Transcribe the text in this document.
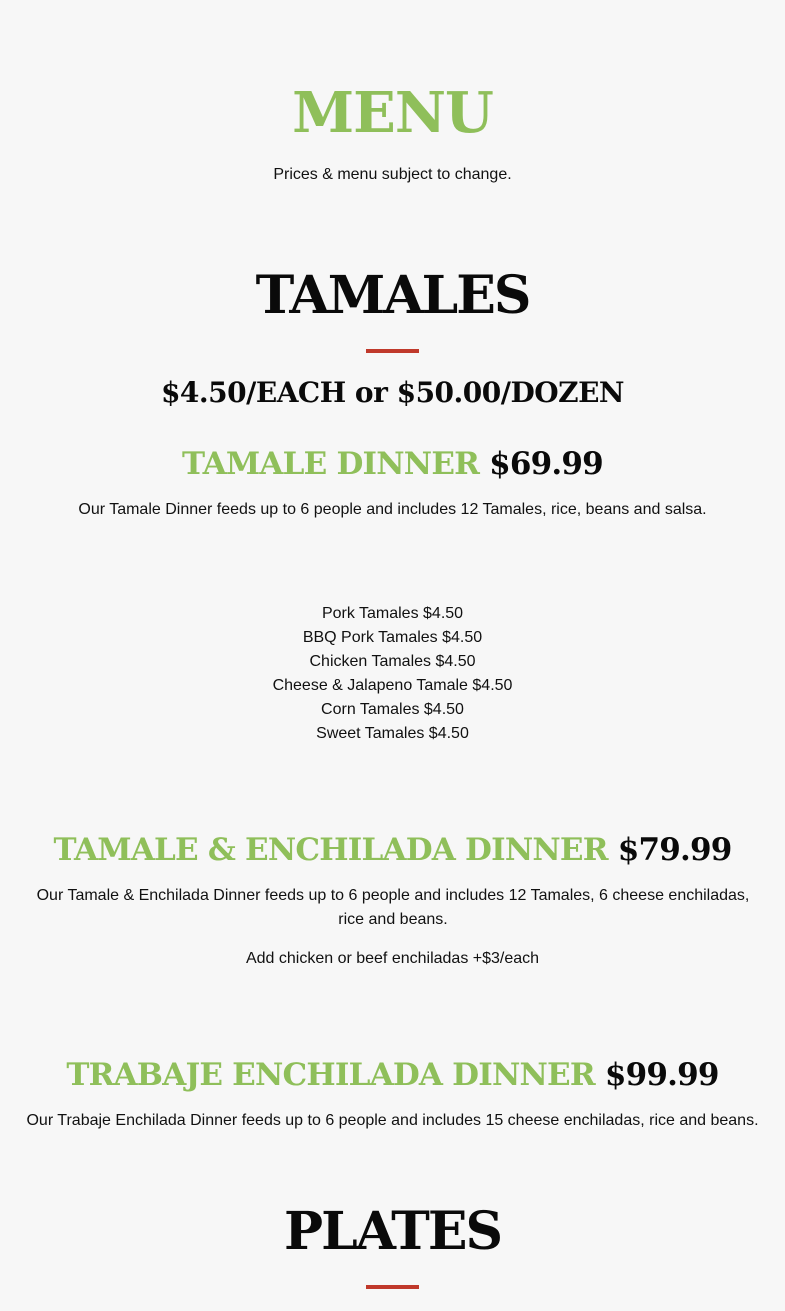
MENU

Prices & menu subject to change.

TAMALES

$4.50/EACH or $50.00/DOZEN

TAMALE DINNER $69.99

Our Tamale Dinner feeds up to 6 people and includes 12 Tamales, rice, beans and salsa.

Pork Tamales $4.50
BBQ Pork Tamales $4.50
Chicken Tamales $4.50
Cheese & Jalapeno Tamale $4.50
Corn Tamales $4.50
Sweet Tamales $4.50
TAMALE & ENCHILADA DINNER $79.99

Our Tamale & Enchilada Dinner feeds up to 6 people and includes 12 Tamales, 6 cheese enchiladas, rice and beans.

Add chicken or beef enchiladas +$3/each

TRABAJE ENCHILADA DINNER $99.99

Our Trabaje Enchilada Dinner feeds up to 6 people and includes 15 cheese enchiladas, rice and beans.

PLATES
